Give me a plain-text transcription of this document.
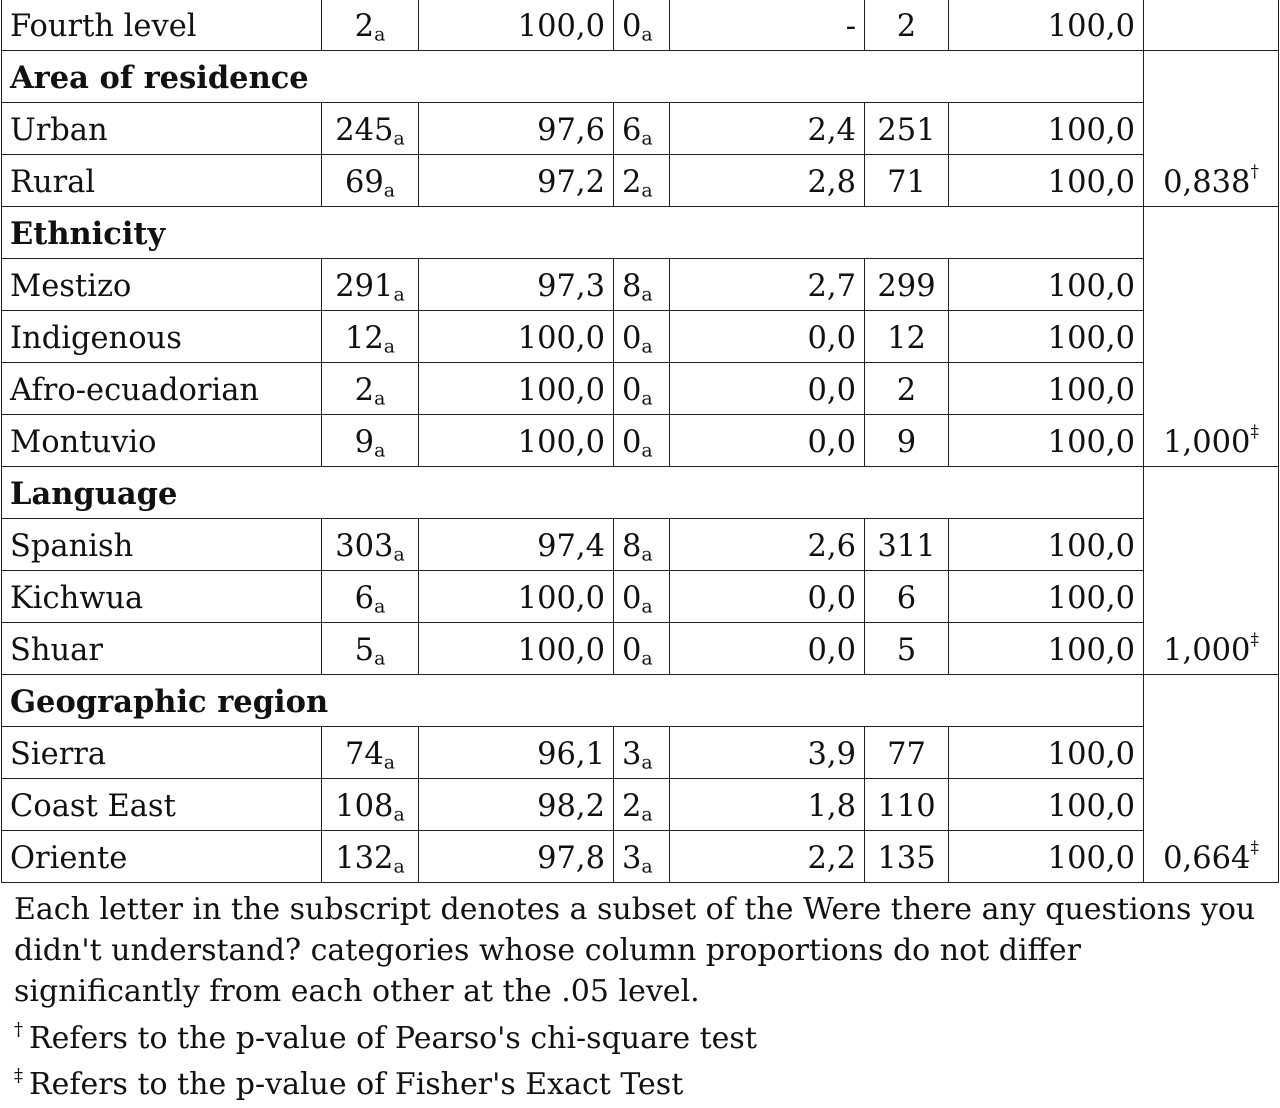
Fourth level	$2_a$	100,0	$0_a$	-	2	100,0	
Area of residence							0,838†
Urban	$245_a$	97,6	$6_a$	2,4	251	100,0	
Rural	$69_a$	97,2	$2_a$	2,8	71	100,0	
Ethnicity							1,000‡
Mestizo	$291_a$	97,3	$8_a$	2,7	299	100,0	
Indigenous	$12_a$	100,0	$0_a$	0,0	12	100,0	
Afro-ecuadorian	$2_a$	100,0	$0_a$	0,0	2	100,0	
Montuvio	$9_a$	100,0	$0_a$	0,0	9	100,0	
Language							1,000‡
Spanish	$303_a$	97,4	$8_a$	2,6	311	100,0	
Kichwua	$6_a$	100,0	$0_a$	0,0	6	100,0	
Shuar	$5_a$	100,0	$0_a$	0,0	5	100,0	
Geographic region							0,664‡
Sierra	$74_a$	96,1	$3_a$	3,9	77	100,0	
Coast East	$108_a$	98,2	$2_a$	1,8	110	100,0	
Oriente	$132_a$	97,8	$3_a$	2,2	135	100,0	

Each letter in the subscript denotes a subset of the Were there any questions you didn't understand? categories whose column proportions do not differ significantly from each other at the .05 level.

† Refers to the p-value of Pearso's chi-square test

‡ Refers to the p-value of Fisher's Exact Test
